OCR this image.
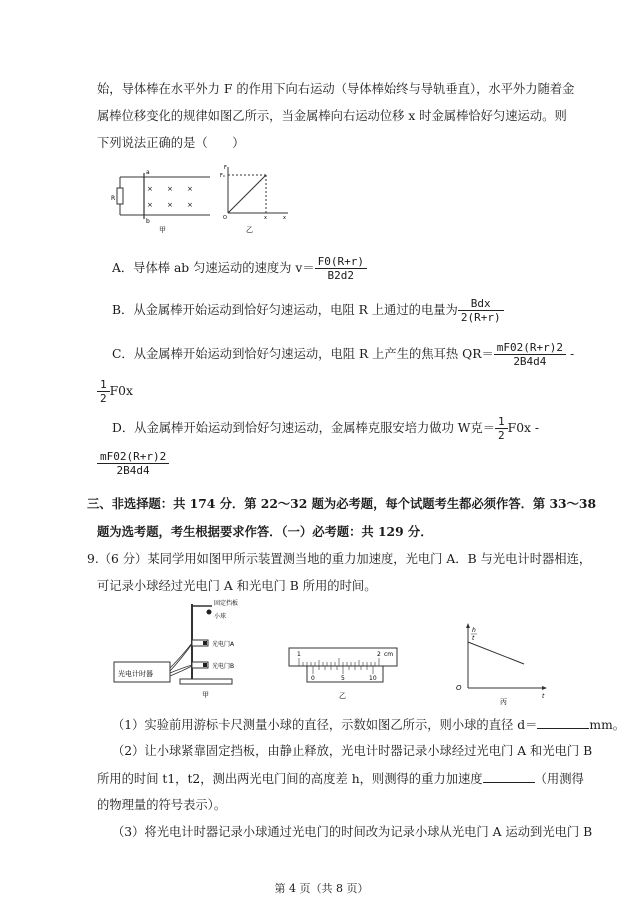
始，导体棒在水平外力 F 的作用下向右运动（导体棒始终与导轨垂直），水平外力随着金
属棒位移变化的规律如图乙所示，当金属棒向右运动位移 x 时金属棒恰好匀速运动。则
下列说法正确的是（　　）
R
a
b
× × ×
× × ×
甲
F
F₀
O	x	x
乙
A．导体棒 ab 匀速运动的速度为 $v= \frac{F0(R+r)}{B2d2}$
B．从金属棒开始运动到恰好匀速运动，电阻 R 上通过的电量为 $\frac{\text{Bdx}}{2(R+r)}$
C．从金属棒开始运动到恰好匀速运动，电阻 R 上产生的焦耳热 $QR= \frac{mF02(R+r)2}{2B4d4}$ -
$\frac{1}{2} F0x$
D．从金属棒开始运动到恰好匀速运动，金属棒克服安培力做功 W克＝ $\frac{1}{2} F0x$ -
$\frac{mF02(R+r)2}{2B4d4}$
三、非选择题：共 174 分．第 22～32 题为必考题，每个试题考生都必须作答．第 33～38
题为选考题，考生根据要求作答．（一）必考题：共 129 分．
9.（6 分）某同学用如图甲所示装置测当地的重力加速度，光电门 A．B 与光电计时器相连，
可记录小球经过光电门 A 和光电门 B 所用的时间。
固定挡板
小球
光电门A
光电门B
光电计时器
甲
1	2 cm
0	5	10
乙
h
t
O
t
丙
（1）实验前用游标卡尺测量小球的直径，示数如图乙所示，则小球的直径 d＝	mm。
（2）让小球紧靠固定挡板，由静止释放，光电计时器记录小球经过光电门 A 和光电门 B
所用的时间 t1，t2，测出两光电门间的高度差 h，则测得的重力加速度	（用测得
的物理量的符号表示）。
（3）将光电计时器记录小球通过光电门的时间改为记录小球从光电门 A 运动到光电门 B
第 4 页（共 8 页）
